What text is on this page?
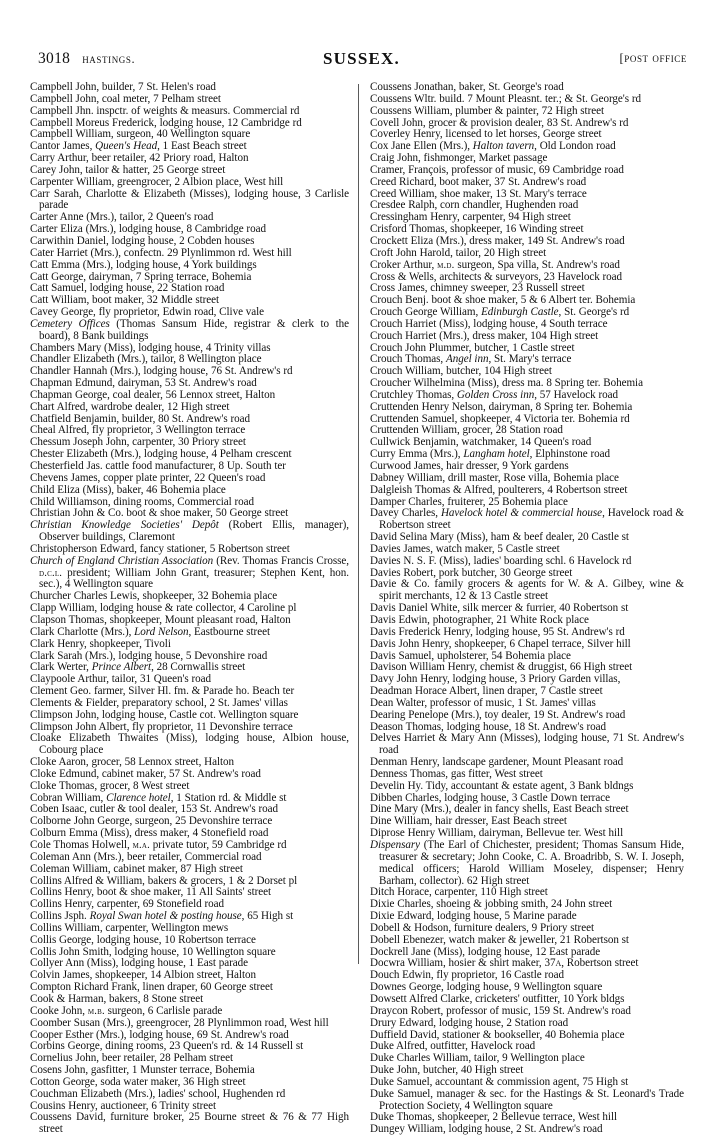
3018 hastings.	SUSSEX.	[post office

Campbell John, builder, 7 St. Helen's road

Campbell John, coal meter, 7 Pelham street

Campbell Jhn. inspctr. of weights & measurs. Commercial rd

Campbell Moreus Frederick, lodging house, 12 Cambridge rd

Campbell William, surgeon, 40 Wellington square

Cantor James, Queen's Head, 1 East Beach street

Carry Arthur, beer retailer, 42 Priory road, Halton

Carey John, tailor & hatter, 25 George street

Carpenter William, greengrocer, 2 Albion place, West hill

Carr Sarah, Charlotte & Elizabeth (Misses), lodging house, 3 Carlisle parade

Carter Anne (Mrs.), tailor, 2 Queen's road

Carter Eliza (Mrs.), lodging house, 8 Cambridge road

Carwithin Daniel, lodging house, 2 Cobden houses

Cater Harriet (Mrs.), confectn. 29 Plynlimmon rd. West hill

Catt Emma (Mrs.), lodging house, 4 York buildings

Catt George, dairyman, 7 Spring terrace, Bohemia

Catt Samuel, lodging house, 22 Station road

Catt William, boot maker, 32 Middle street

Cavey George, fly proprietor, Edwin road, Clive vale

Cemetery Offices (Thomas Sansum Hide, registrar & clerk to the board), 8 Bank buildings

Chambers Mary (Miss), lodging house, 4 Trinity villas

Chandler Elizabeth (Mrs.), tailor, 8 Wellington place

Chandler Hannah (Mrs.), lodging house, 76 St. Andrew's rd

Chapman Edmund, dairyman, 53 St. Andrew's road

Chapman George, coal dealer, 56 Lennox street, Halton

Chart Alfred, wardrobe dealer, 12 High street

Chatfield Benjamin, builder, 80 St. Andrew's road

Cheal Alfred, fly proprietor, 3 Wellington terrace

Chessum Joseph John, carpenter, 30 Priory street

Chester Elizabeth (Mrs.), lodging house, 4 Pelham crescent

Chesterfield Jas. cattle food manufacturer, 8 Up. South ter

Chevens James, copper plate printer, 22 Queen's road

Child Eliza (Miss), baker, 46 Bohemia place

Child Williamson, dining rooms, Commercial road

Christian John & Co. boot & shoe maker, 50 George street

Christian Knowledge Societies' Depôt (Robert Ellis, manager), Observer buildings, Claremont

Christopherson Edward, fancy stationer, 5 Robertson street

Church of England Christian Association (Rev. Thomas Francis Crosse, d.c.l. president; William John Grant, treasurer; Stephen Kent, hon. sec.), 4 Wellington square

Churcher Charles Lewis, shopkeeper, 32 Bohemia place

Clapp William, lodging house & rate collector, 4 Caroline pl

Clapson Thomas, shopkeeper, Mount pleasant road, Halton

Clark Charlotte (Mrs.), Lord Nelson, Eastbourne street

Clark Henry, shopkeeper, Tivoli

Clark Sarah (Mrs.), lodging house, 5 Devonshire road

Clark Werter, Prince Albert, 28 Cornwallis street

Claypoole Arthur, tailor, 31 Queen's road

Clement Geo. farmer, Silver Hl. fm. & Parade ho. Beach ter

Clements & Fielder, preparatory school, 2 St. James' villas

Climpson John, lodging house, Castle cot. Wellington square

Climpson John Albert, fly proprietor, 11 Devonshire terrace

Cloake Elizabeth Thwaites (Miss), lodging house, Albion house, Cobourg place

Cloke Aaron, grocer, 58 Lennox street, Halton

Cloke Edmund, cabinet maker, 57 St. Andrew's road

Cloke Thomas, grocer, 8 West street

Cobran William, Clarence hotel, 1 Station rd. & Middle st

Coben Isaac, cutler & tool dealer, 153 St. Andrew's road

Colborne John George, surgeon, 25 Devonshire terrace

Colburn Emma (Miss), dress maker, 4 Stonefield road

Cole Thomas Holwell, m.a. private tutor, 59 Cambridge rd

Coleman Ann (Mrs.), beer retailer, Commercial road

Coleman William, cabinet maker, 87 High street

Collins Alfred & William, bakers & grocers, 1 & 2 Dorset pl

Collins Henry, boot & shoe maker, 11 All Saints' street

Collins Henry, carpenter, 69 Stonefield road

Collins Jsph. Royal Swan hotel & posting house, 65 High st

Collins William, carpenter, Wellington mews

Collis George, lodging house, 10 Robertson terrace

Collis John Smith, lodging house, 10 Wellington square

Collyer Ann (Miss), lodging house, 1 East parade

Colvin James, shopkeeper, 14 Albion street, Halton

Compton Richard Frank, linen draper, 60 George street

Cook & Harman, bakers, 8 Stone street

Cooke John, m.b. surgeon, 6 Carlisle parade

Coomber Susan (Mrs.), greengrocer, 28 Plynlimmon road, West hill

Cooper Esther (Mrs.), lodging house, 69 St. Andrew's road

Corbins George, dining rooms, 23 Queen's rd. & 14 Russell st

Cornelius John, beer retailer, 28 Pelham street

Cosens John, gasfitter, 1 Munster terrace, Bohemia

Cotton George, soda water maker, 36 High street

Couchman Elizabeth (Mrs.), ladies' school, Hughenden rd

Cousins Henry, auctioneer, 6 Trinity street

Coussens David, furniture broker, 25 Bourne street & 76 & 77 High street

Coussens Jonathan, baker, St. George's road

Coussens Wltr. build. 7 Mount Pleasnt. ter.; & St. George's rd

Coussens William, plumber & painter, 72 High street

Covell John, grocer & provision dealer, 83 St. Andrew's rd

Coverley Henry, licensed to let horses, George street

Cox Jane Ellen (Mrs.), Halton tavern, Old London road

Craig John, fishmonger, Market passage

Cramer, François, professor of music, 69 Cambridge road

Creed Richard, boot maker, 37 St. Andrew's road

Creed William, shoe maker, 13 St. Mary's terrace

Cresdee Ralph, corn chandler, Hughenden road

Cressingham Henry, carpenter, 94 High street

Crisford Thomas, shopkeeper, 16 Winding street

Crockett Eliza (Mrs.), dress maker, 149 St. Andrew's road

Croft John Harold, tailor, 20 High street

Croker Arthur, m.d. surgeon, Spa villa, St. Andrew's road

Cross & Wells, architects & surveyors, 23 Havelock road

Cross James, chimney sweeper, 23 Russell street

Crouch Benj. boot & shoe maker, 5 & 6 Albert ter. Bohemia

Crouch George William, Edinburgh Castle, St. George's rd

Crouch Harriet (Miss), lodging house, 4 South terrace

Crouch Harriet (Mrs.), dress maker, 104 High street

Crouch John Plummer, butcher, 1 Castle street

Crouch Thomas, Angel inn, St. Mary's terrace

Crouch William, butcher, 104 High street

Croucher Wilhelmina (Miss), dress ma. 8 Spring ter. Bohemia

Crutchley Thomas, Golden Cross inn, 57 Havelock road

Cruttenden Henry Nelson, dairyman, 8 Spring ter. Bohemia

Cruttenden Samuel, shopkeeper, 4 Victoria ter. Bohemia rd

Cruttenden William, grocer, 28 Station road

Cullwick Benjamin, watchmaker, 14 Queen's road

Curry Emma (Mrs.), Langham hotel, Elphinstone road

Curwood James, hair dresser, 9 York gardens

Dabney William, drill master, Rose villa, Bohemia place

Dalgleish Thomas & Alfred, poulterers, 4 Robertson street

Damper Charles, fruiterer, 25 Bohemia place

Davey Charles, Havelock hotel & commercial house, Havelock road & Robertson street

David Selina Mary (Miss), ham & beef dealer, 20 Castle st

Davies James, watch maker, 5 Castle street

Davies N. S. F. (Miss), ladies' boarding schl. 6 Havelock rd

Davies Robert, pork butcher, 30 George street

Davie & Co. family grocers & agents for W. & A. Gilbey, wine & spirit merchants, 12 & 13 Castle street

Davis Daniel White, silk mercer & furrier, 40 Robertson st

Davis Edwin, photographer, 21 White Rock place

Davis Frederick Henry, lodging house, 95 St. Andrew's rd

Davis John Henry, shopkeeper, 6 Chapel terrace, Silver hill

Davis Samuel, upholsterer, 54 Bohemia place

Davison William Henry, chemist & druggist, 66 High street

Davy John Henry, lodging house, 3 Priory Garden villas,

Deadman Horace Albert, linen draper, 7 Castle street

Dean Walter, professor of music, 1 St. James' villas

Dearing Penelope (Mrs.), toy dealer, 19 St. Andrew's road

Deason Thomas, lodging house, 18 St. Andrew's road

Delves Harriet & Mary Ann (Misses), lodging house, 71 St. Andrew's road

Denman Henry, landscape gardener, Mount Pleasant road

Denness Thomas, gas fitter, West street

Develin Hy. Tidy, accountant & estate agent, 3 Bank bldngs

Dibben Charles, lodging house, 3 Castle Down terrace

Dine Mary (Mrs.), dealer in fancy shells, East Beach street

Dine William, hair dresser, East Beach street

Diprose Henry William, dairyman, Bellevue ter. West hill

Dispensary (The Earl of Chichester, president; Thomas Sansum Hide, treasurer & secretary; John Cooke, C. A. Broadribb, S. W. I. Joseph, medical officers; Harold William Moseley, dispenser; Henry Barham, collector). 62 High street

Ditch Horace, carpenter, 110 High street

Dixie Charles, shoeing & jobbing smith, 24 John street

Dixie Edward, lodging house, 5 Marine parade

Dobell & Hodson, furniture dealers, 9 Priory street

Dobell Ebenezer, watch maker & jeweller, 21 Robertson st

Dockrell Jane (Miss), lodging house, 12 East parade

Docwra William, hosier & shirt maker, 37a, Robertson street

Douch Edwin, fly proprietor, 16 Castle road

Downes George, lodging house, 9 Wellington square

Dowsett Alfred Clarke, cricketers' outfitter, 10 York bldgs

Draycon Robert, professor of music, 159 St. Andrew's road

Drury Edward, lodging house, 2 Station road

Duffield David, stationer & bookseller, 40 Bohemia place

Duke Alfred, outfitter, Havelock road

Duke Charles William, tailor, 9 Wellington place

Duke John, butcher, 40 High street

Duke Samuel, accountant & commission agent, 75 High st

Duke Samuel, manager & sec. for the Hastings & St. Leonard's Trade Protection Society, 4 Wellington square

Duke Thomas, shopkeeper, 2 Bellevue terrace, West hill

Dungey William, lodging house, 2 St. Andrew's road
